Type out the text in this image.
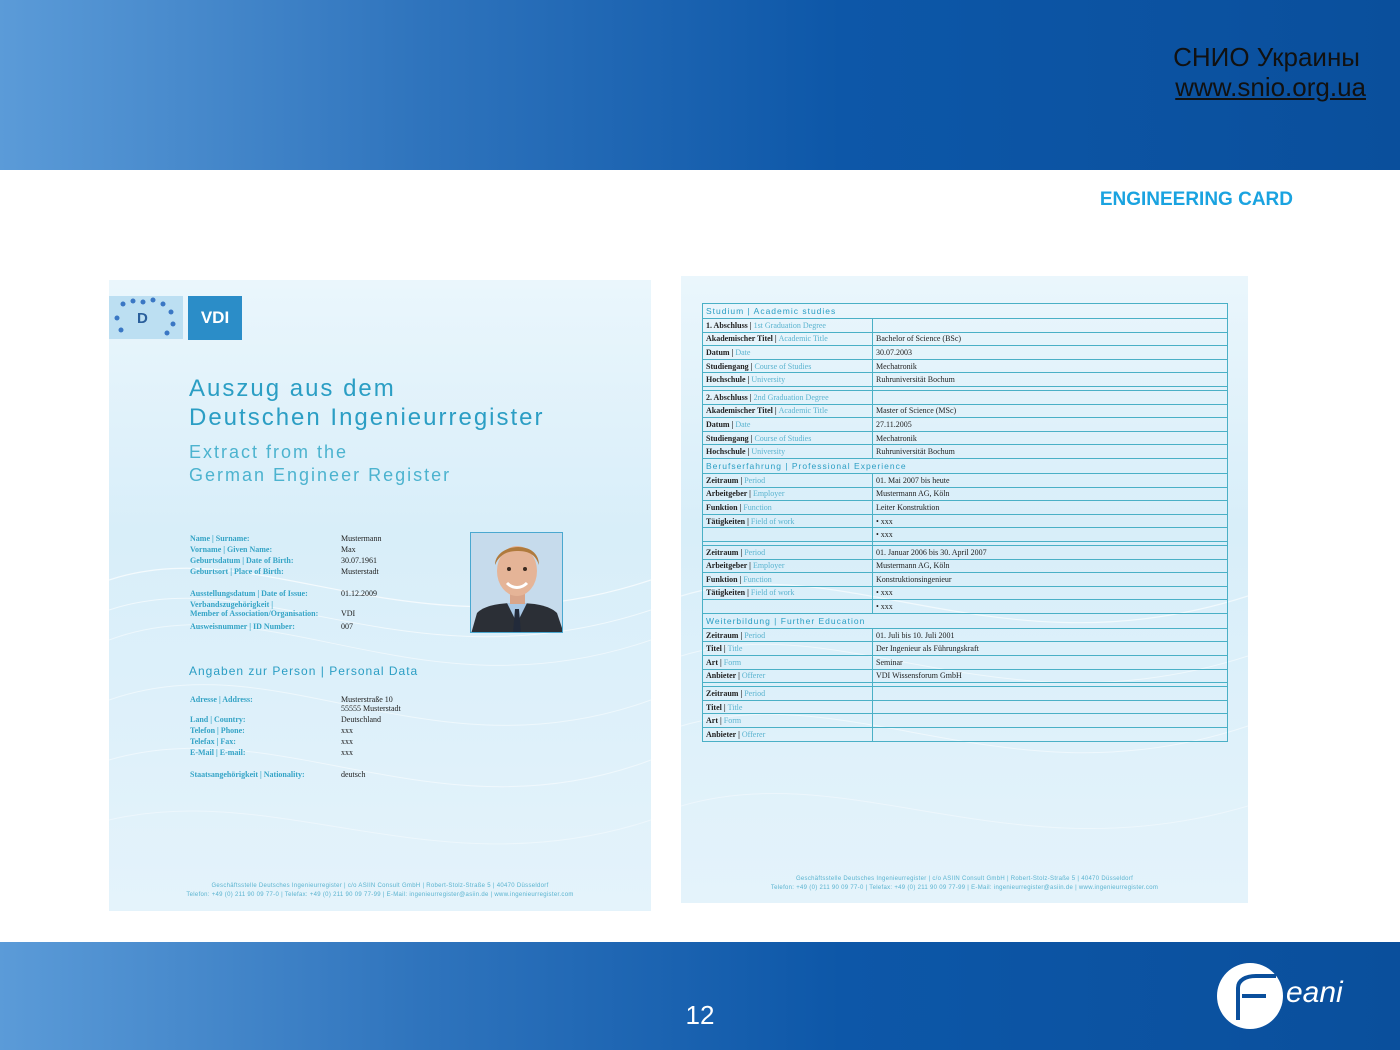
СНИО Украины
www.snio.org.ua
ENGINEERING CARD
D	VDI
Auszug aus dem
Deutschen Ingenieurregister
Extract from the
German Engineer Register
Name | Surname:	Mustermann
Vorname | Given Name:	Max
Geburtsdatum | Date of Birth:	30.07.1961
Geburtsort | Place of Birth:	Musterstadt
Ausstellungsdatum | Date of Issue:	01.12.2009
Verbandszugehörigkeit |
Member of Association/Organisation:	VDI
Ausweisnummer | ID Number:	007
Angaben zur Person | Personal Data
Adresse | Address:	Musterstraße 10
55555 Musterstadt
Land | Country:	Deutschland
Telefon | Phone:	xxx
Telefax | Fax:	xxx
E-Mail | E-mail:	xxx
Staatsangehörigkeit | Nationality:	deutsch
Geschäftsstelle Deutsches Ingenieurregister | c/o ASIIN Consult GmbH | Robert-Stolz-Straße 5 | 40470 Düsseldorf
Telefon: +49 (0) 211 90 09 77-0 | Telefax: +49 (0) 211 90 09 77-99 | E-Mail: ingenieurregister@asiin.de | www.ingenieurregister.com
Studium | Academic studies	
1. Abschluss | 1st Graduation Degree	
Akademischer Titel | Academic Title	Bachelor of Science (BSc)
Datum | Date	30.07.2003
Studiengang | Course of Studies	Mechatronik
Hochschule | University	Ruhruniversität Bochum

2. Abschluss | 2nd Graduation Degree	
Akademischer Titel | Academic Title	Master of Science (MSc)
Datum | Date	27.11.2005
Studiengang | Course of Studies	Mechatronik
Hochschule | University	Ruhruniversität Bochum
Berufserfahrung | Professional Experience	
Zeitraum | Period	01. Mai 2007 bis heute
Arbeitgeber | Employer	Mustermann AG, Köln
Funktion | Function	Leiter Konstruktion
Tätigkeiten | Field of work	• xxx
	• xxx

Zeitraum | Period	01. Januar 2006 bis 30. April 2007
Arbeitgeber | Employer	Mustermann AG, Köln
Funktion | Function	Konstruktionsingenieur
Tätigkeiten | Field of work	• xxx
	• xxx
Weiterbildung | Further Education	
Zeitraum | Period	01. Juli bis 10. Juli 2001
Titel | Title	Der Ingenieur als Führungskraft
Art | Form	Seminar
Anbieter | Offerer	VDI Wissensforum GmbH

Zeitraum | Period	
Titel | Title	
Art | Form	
Anbieter | Offerer	
Geschäftsstelle Deutsches Ingenieurregister | c/o ASIIN Consult GmbH | Robert-Stolz-Straße 5 | 40470 Düsseldorf
Telefon: +49 (0) 211 90 09 77-0 | Telefax: +49 (0) 211 90 09 77-99 | E-Mail: ingenieurregister@asiin.de | www.ingenieurregister.com
12
eani
